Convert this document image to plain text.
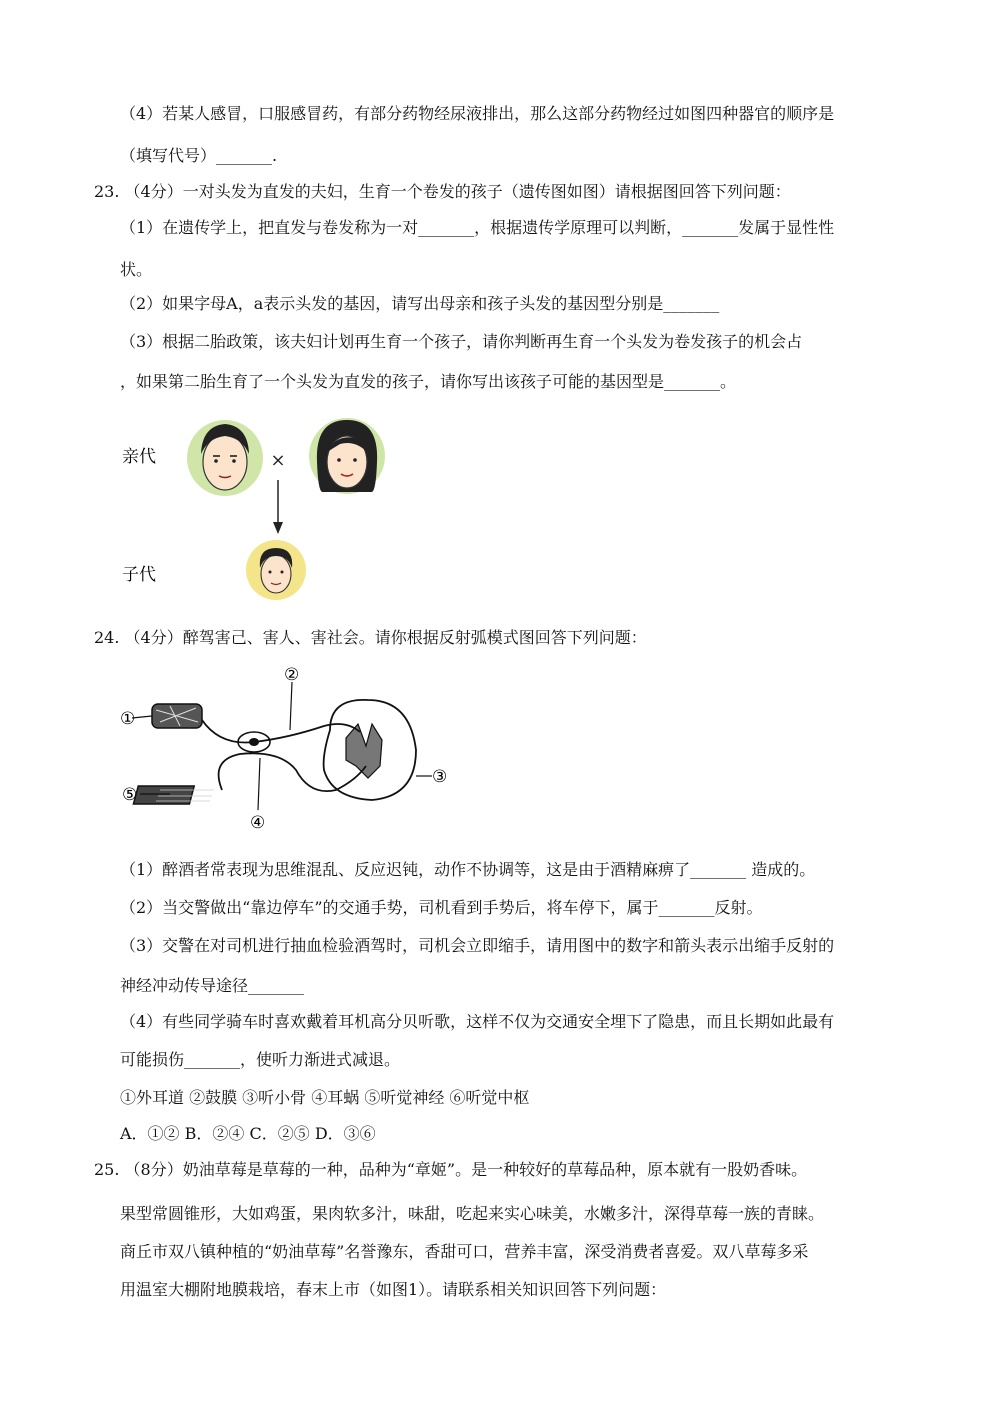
（4）若某人感冒，口服感冒药，有部分药物经尿液排出，那么这部分药物经过如图四种器官的顺序是
（填写代号）_______.
23. （4分）一对头发为直发的夫妇，生育一个卷发的孩子（遗传图如图）请根据图回答下列问题：
（1）在遗传学上，把直发与卷发称为一对_______，根据遗传学原理可以判断，_______发属于显性性
状。
（2）如果字母A，a表示头发的基因，请写出母亲和孩子头发的基因型分别是_______
（3）根据二胎政策，该夫妇计划再生育一个孩子，请你判断再生育一个头发为卷发孩子的机会占
，如果第二胎生育了一个头发为直发的孩子，请你写出该孩子可能的基因型是_______。
亲代	×
子代
24. （4分）醉驾害己、害人、害社会。请你根据反射弧模式图回答下列问题：
①
②
③
④
⑤
（1）醉酒者常表现为思维混乱、反应迟钝，动作不协调等，这是由于酒精麻痹了_______ 造成的。
（2）当交警做出“靠边停车”的交通手势，司机看到手势后，将车停下，属于_______反射。
（3）交警在对司机进行抽血检验酒驾时，司机会立即缩手，请用图中的数字和箭头表示出缩手反射的
神经冲动传导途径_______
（4）有些同学骑车时喜欢戴着耳机高分贝听歌，这样不仅为交通安全埋下了隐患，而且长期如此最有
可能损伤_______，使听力渐进式减退。
①外耳道 ②鼓膜 ③听小骨 ④耳蜗 ⑤听觉神经 ⑥听觉中枢
A．①② B．②④ C．②⑤ D．③⑥
25. （8分）奶油草莓是草莓的一种，品种为“章姬”。是一种较好的草莓品种，原本就有一股奶香味。
果型常圆锥形，大如鸡蛋，果肉软多汁，味甜，吃起来实心味美，水嫩多汁，深得草莓一族的青睐。
商丘市双八镇种植的“奶油草莓”名誉豫东，香甜可口，营养丰富，深受消费者喜爱。双八草莓多采
用温室大棚附地膜栽培，春末上市（如图1）。请联系相关知识回答下列问题：
